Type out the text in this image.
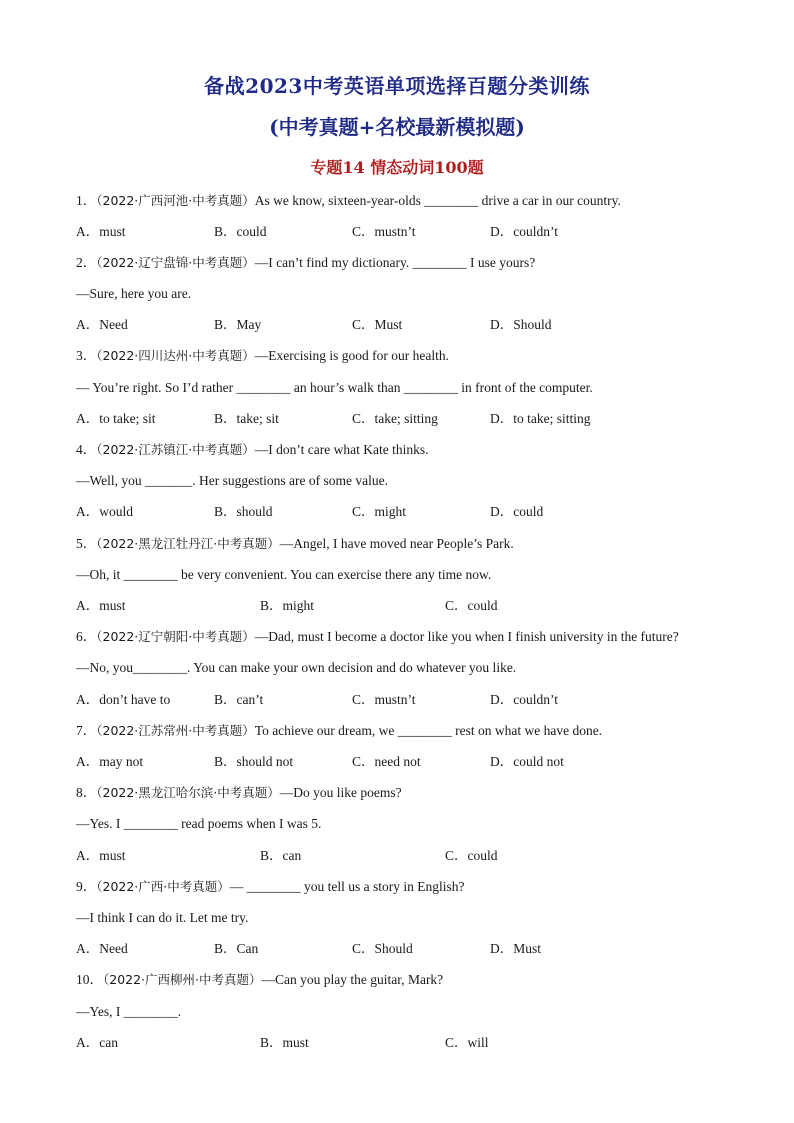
备战2023中考英语单项选择百题分类训练
(中考真题+名校最新模拟题)
专题14 情态动词100题
1．（2022·广西河池·中考真题）As we know, sixteen-year-olds ________ drive a car in our country.
A．must	B．could	C．mustn’t	D．couldn’t
2．（2022·辽宁盘锦·中考真题）—I can’t find my dictionary. ________ I use yours?
—Sure, here you are.
A．Need	B．May	C．Must	D．Should
3．（2022·四川达州·中考真题）—Exercising is good for our health.
— You’re right. So I’d rather ________ an hour’s walk than ________ in front of the computer.
A．to take; sit	B．take; sit	C．take; sitting	D．to take; sitting
4．（2022·江苏镇江·中考真题）—I don’t care what Kate thinks.
—Well, you _______. Her suggestions are of some value.
A．would	B．should	C．might	D．could
5．（2022·黑龙江牡丹江·中考真题）—Angel, I have moved near People’s Park.
—Oh, it ________ be very convenient. You can exercise there any time now.
A．must	B．might	C．could
6．（2022·辽宁朝阳·中考真题）—Dad, must I become a doctor like you when I finish university in the future?
—No, you________. You can make your own decision and do whatever you like.
A．don’t have to	B．can’t	C．mustn’t	D．couldn’t
7．（2022·江苏常州·中考真题）To achieve our dream, we ________ rest on what we have done.
A．may not	B．should not	C．need not	D．could not
8．（2022·黑龙江哈尔滨·中考真题）—Do you like poems?
—Yes. I ________ read poems when I was 5.
A．must	B．can	C．could
9．（2022·广西·中考真题）— ________ you tell us a story in English?
—I think I can do it. Let me try.
A．Need	B．Can	C．Should	D．Must
10．（2022·广西柳州·中考真题）—Can you play the guitar, Mark?
—Yes, I ________.
A．can	B．must	C．will
